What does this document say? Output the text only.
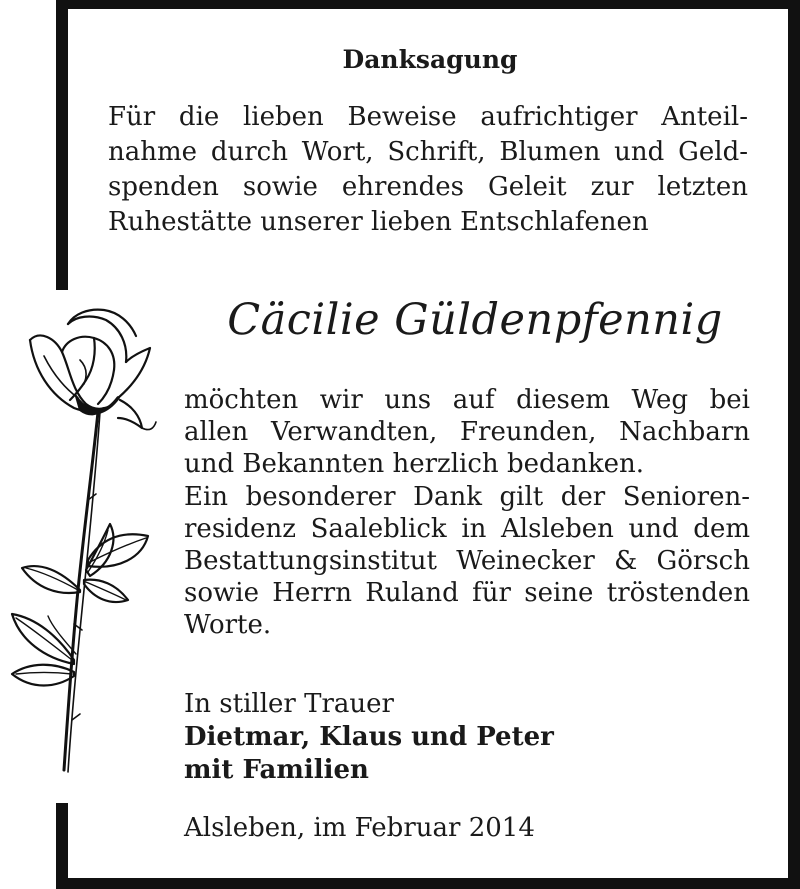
Danksagung
Für die lieben Beweise aufrichtiger Anteil-
nahme durch Wort, Schrift, Blumen und Geld-
spenden sowie ehrendes Geleit zur letzten
Ruhestätte unserer lieben Entschlafenen
Cäcilie Güldenpfennig
möchten wir uns auf diesem Weg bei
allen Verwandten, Freunden, Nachbarn
und Bekannten herzlich bedanken.
Ein besonderer Dank gilt der Senioren-
residenz Saaleblick in Alsleben und dem
Bestattungsinstitut Weinecker & Görsch
sowie Herrn Ruland für seine tröstenden
Worte.
In stiller Trauer
Dietmar, Klaus und Peter
mit Familien
Alsleben, im Februar 2014
